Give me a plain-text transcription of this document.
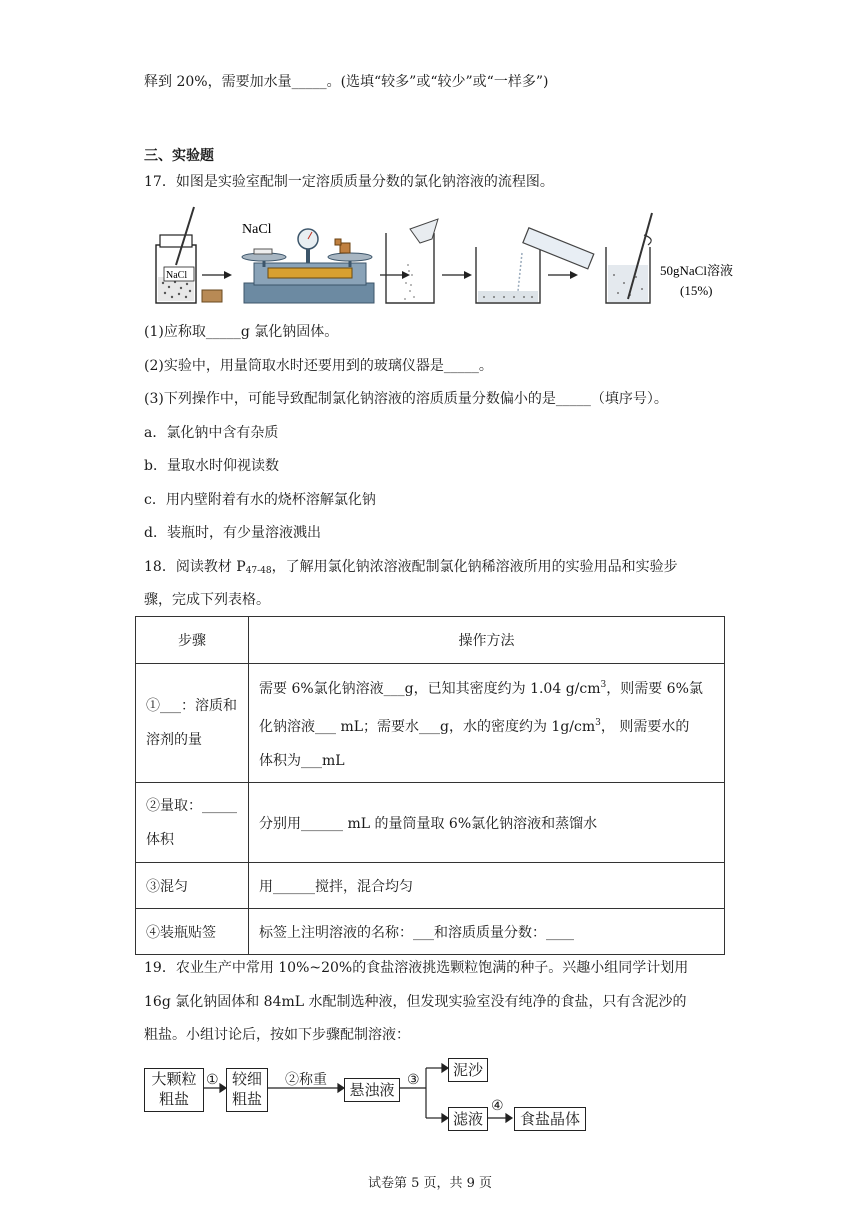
释到 20%，需要加水量_____。(选填“较多”或“较少”或“一样多”)
三、实验题
17．如图是实验室配制一定溶质质量分数的氯化钠溶液的流程图。
NaCl
NaCl
50gNaCl溶液
(15%)
(1)应称取_____g 氯化钠固体。
(2)实验中，用量筒取水时还要用到的玻璃仪器是_____。
(3)下列操作中，可能导致配制氯化钠溶液的溶质质量分数偏小的是_____（填序号）。
a．氯化钠中含有杂质
b．量取水时仰视读数
c．用内壁附着有水的烧杯溶解氯化钠
d．装瓶时，有少量溶液溅出
18．阅读教材 $P_{47-48}$，了解用氯化钠浓溶液配制氯化钠稀溶液所用的实验用品和实验步
骤，完成下列表格。
步骤	操作方法
①___：溶质和溶剂的量	需要 6%氯化钠溶液___g，已知其密度约为 1.04 $g/cm^3$，则需要 6%氯
化钠溶液___ mL；需要水___g，水的密度约为 $1g/cm^3$， 则需要水的
体积为___mL

②量取：_____体积	分别用______ mL 的量筒量取 6%氯化钠溶液和蒸馏水
③混匀	用______搅拌，混合均匀
④装瓶贴签	标签上注明溶液的名称：___和溶质质量分数：____
19．农业生产中常用 10%~20%的食盐溶液挑选颗粒饱满的种子。兴趣小组同学计划用
16g 氯化钠固体和 84mL 水配制选种液，但发现实验室没有纯净的食盐，只有含泥沙的
粗盐。小组讨论后，按如下步骤配制溶液：
大颗粒粗盐
① 较细粗盐
②称重
悬浊液
③
泥沙
滤液
④
食盐晶体
试卷第 5 页，共 9 页
